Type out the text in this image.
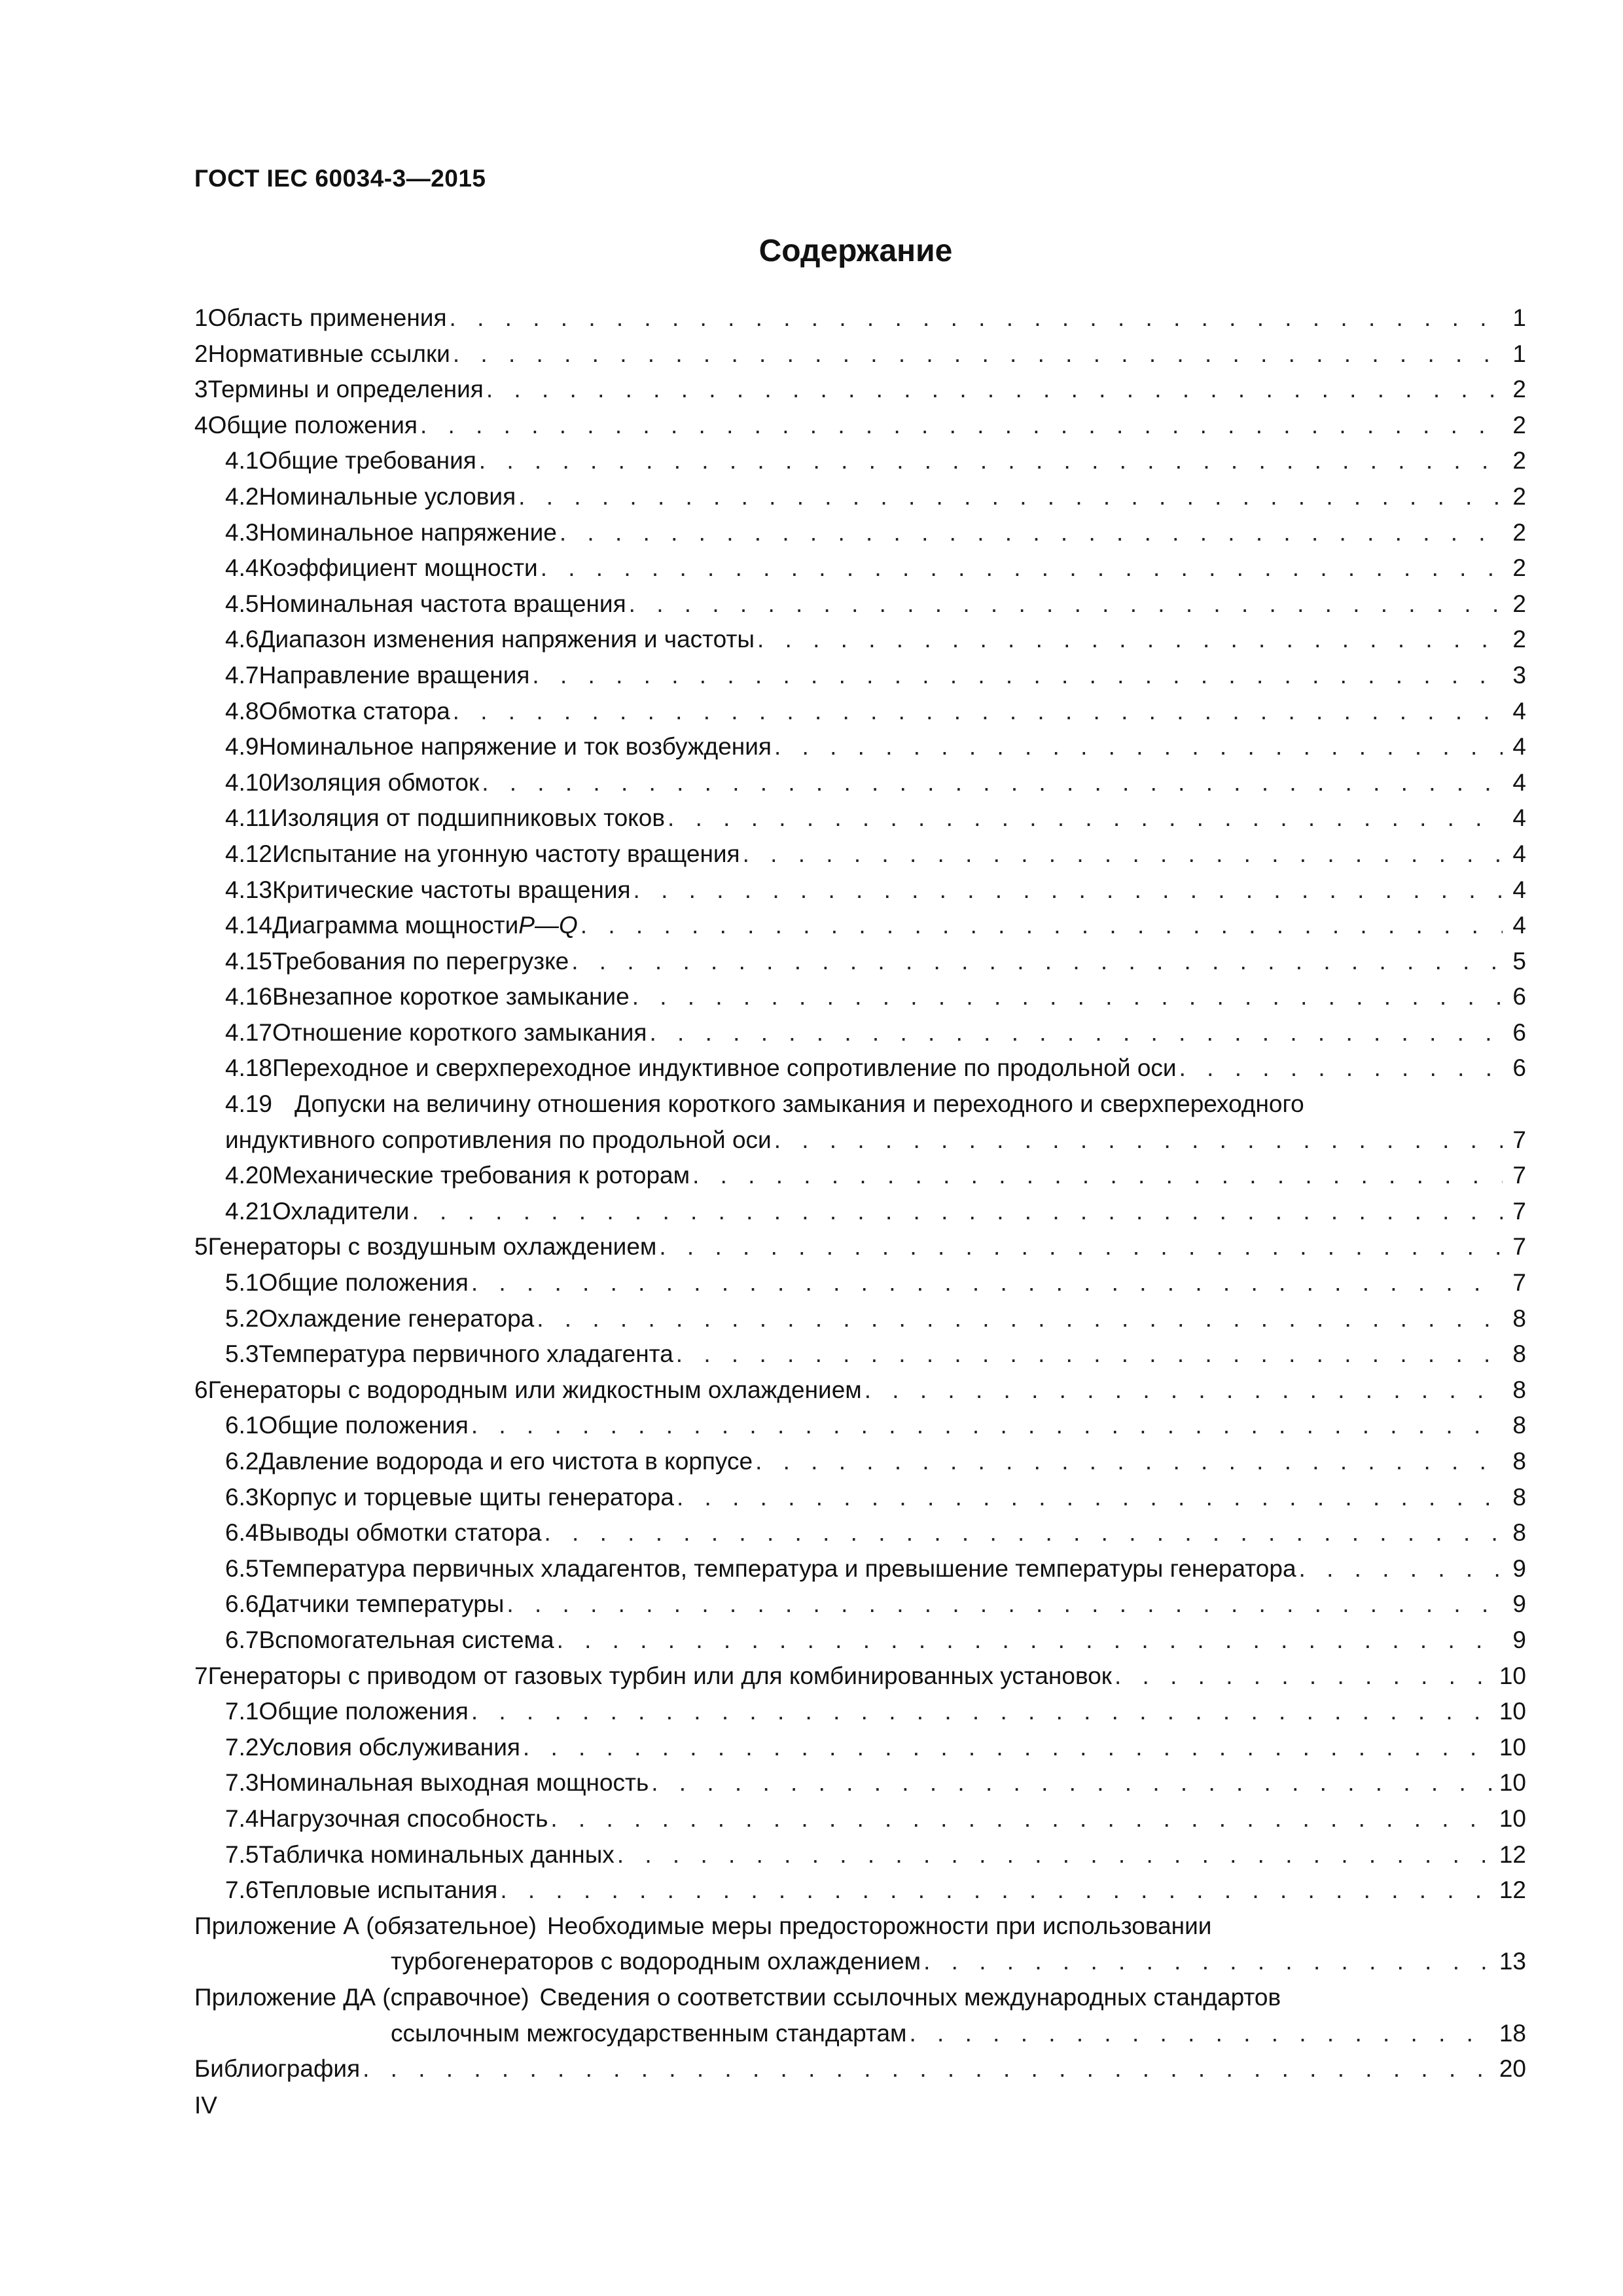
ГОСТ IEC 60034-3—2015
Содержание
1 Область применения . . .	1
2 Нормативные ссылки . . .	1
3 Термины и определения . . .	2
4 Общие положения . . .	2
4.1 Общие требования . . .	2
4.2 Номинальные условия . . .	2
4.3 Номинальное напряжение . . .	2
4.4 Коэффициент мощности . . .	2
4.5 Номинальная частота вращения . . .	2
4.6 Диапазон изменения напряжения и частоты . . .	2
4.7 Направление вращения . . .	3
4.8 Обмотка статора . . .	4
4.9 Номинальное напряжение и ток возбуждения . . .	4
4.10 Изоляция обмоток . . .	4
4.11 Изоляция от подшипниковых токов . . .	4
4.12 Испытание на угонную частоту вращения . . .	4
4.13 Критические частоты вращения . . .	4
4.14 Диаграмма мощности P—Q . . .	4
4.15 Требования по перегрузке . . .	5
4.16 Внезапное короткое замыкание . . .	6
4.17 Отношение короткого замыкания . . .	6
4.18 Переходное и сверхпереходное индуктивное сопротивление по продольной оси . . .	6
4.19 Допуски на величину отношения короткого замыкания и переходного и сверхпереходного
индуктивного сопротивления по продольной оси . . .	7
4.20 Механические требования к роторам . . .	7
4.21 Охладители . . .	7
5 Генераторы с воздушным охлаждением . . .	7
5.1 Общие положения . . .	7
5.2 Охлаждение генератора . . .	8
5.3 Температура первичного хладагента . . .	8
6 Генераторы с водородным или жидкостным охлаждением . . .	8
6.1 Общие положения . . .	8
6.2 Давление водорода и его чистота в корпусе . . .	8
6.3 Корпус и торцевые щиты генератора . . .	8
6.4 Выводы обмотки статора . . .	8
6.5 Температура первичных хладагентов, температура и превышение температуры генератора . . .	9
6.6 Датчики температуры . . .	9
6.7 Вспомогательная система . . .	9
7 Генераторы с приводом от газовых турбин или для комбинированных установок . . .	10
7.1 Общие положения . . .	10
7.2 Условия обслуживания . . .	10
7.3 Номинальная выходная мощность . . .	10
7.4 Нагрузочная способность . . .	10
7.5 Табличка номинальных данных . . .	12
7.6 Тепловые испытания . . .	12
Приложение А (обязательное) Необходимые меры предосторожности при использовании
турбогенераторов с водородным охлаждением . . .	13
Приложение ДА (справочное) Сведения о соответствии ссылочных международных стандартов
ссылочным межгосударственным стандартам . . .	18
Библиография . . .	20
IV
